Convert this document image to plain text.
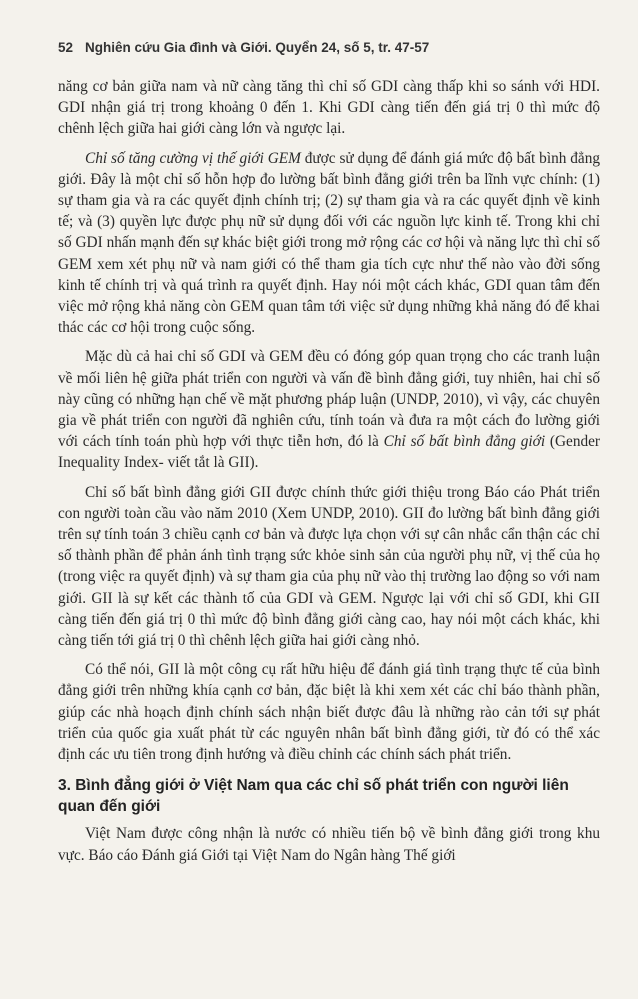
52 Nghiên cứu Gia đình và Giới. Quyển 24, số 5, tr. 47-57

năng cơ bản giữa nam và nữ càng tăng thì chỉ số GDI càng thấp khi so sánh với HDI. GDI nhận giá trị trong khoảng 0 đến 1. Khi GDI càng tiến đến giá trị 0 thì mức độ chênh lệch giữa hai giới càng lớn và ngược lại.

Chỉ số tăng cường vị thế giới GEM được sử dụng để đánh giá mức độ bất bình đẳng giới. Đây là một chỉ số hỗn hợp đo lường bất bình đẳng giới trên ba lĩnh vực chính: (1) sự tham gia và ra các quyết định chính trị; (2) sự tham gia và ra các quyết định về kinh tế; và (3) quyền lực được phụ nữ sử dụng đối với các nguồn lực kinh tế. Trong khi chỉ số GDI nhấn mạnh đến sự khác biệt giới trong mở rộng các cơ hội và năng lực thì chỉ số GEM xem xét phụ nữ và nam giới có thể tham gia tích cực như thế nào vào đời sống kinh tế chính trị và quá trình ra quyết định. Hay nói một cách khác, GDI quan tâm đến việc mở rộng khả năng còn GEM quan tâm tới việc sử dụng những khả năng đó để khai thác các cơ hội trong cuộc sống.

Mặc dù cả hai chỉ số GDI và GEM đều có đóng góp quan trọng cho các tranh luận về mối liên hệ giữa phát triển con người và vấn đề bình đẳng giới, tuy nhiên, hai chỉ số này cũng có những hạn chế về mặt phương pháp luận (UNDP, 2010), vì vậy, các chuyên gia về phát triển con người đã nghiên cứu, tính toán và đưa ra một cách đo lường giới với cách tính toán phù hợp với thực tiễn hơn, đó là Chỉ số bất bình đẳng giới (Gender Inequality Index- viết tắt là GII).

Chỉ số bất bình đẳng giới GII được chính thức giới thiệu trong Báo cáo Phát triển con người toàn cầu vào năm 2010 (Xem UNDP, 2010). GII đo lường bất bình đẳng giới trên sự tính toán 3 chiều cạnh cơ bản và được lựa chọn với sự cân nhắc cẩn thận các chỉ số thành phần để phản ánh tình trạng sức khỏe sinh sản của người phụ nữ, vị thế của họ (trong việc ra quyết định) và sự tham gia của phụ nữ vào thị trường lao động so với nam giới. GII là sự kết các thành tố của GDI và GEM. Ngược lại với chỉ số GDI, khi GII càng tiến đến giá trị 0 thì mức độ bình đẳng giới càng cao, hay nói một cách khác, khi càng tiến tới giá trị 0 thì chênh lệch giữa hai giới càng nhỏ.

Có thể nói, GII là một công cụ rất hữu hiệu để đánh giá tình trạng thực tế của bình đẳng giới trên những khía cạnh cơ bản, đặc biệt là khi xem xét các chỉ báo thành phần, giúp các nhà hoạch định chính sách nhận biết được đâu là những rào cản tới sự phát triển của quốc gia xuất phát từ các nguyên nhân bất bình đẳng giới, từ đó có thể xác định các ưu tiên trong định hướng và điều chỉnh các chính sách phát triển.

3. Bình đẳng giới ở Việt Nam qua các chỉ số phát triển con người liên quan đến giới

Việt Nam được công nhận là nước có nhiều tiến bộ về bình đẳng giới trong khu vực. Báo cáo Đánh giá Giới tại Việt Nam do Ngân hàng Thế giới
